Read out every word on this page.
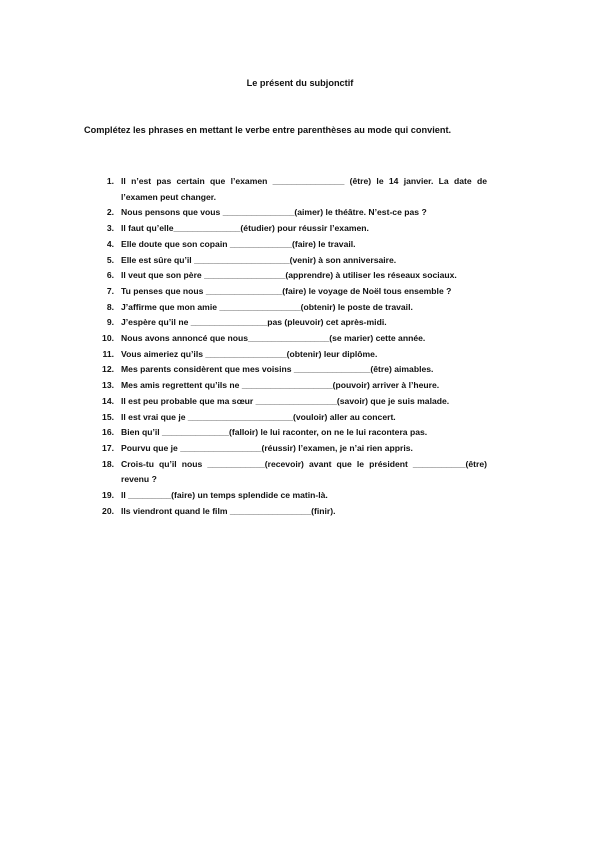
Le présent du subjonctif
Complétez les phrases en mettant le verbe entre parenthèses au mode qui convient.
1. Il n’est pas certain que l’examen _______________ (être) le 14 janvier. La date de l’examen peut changer.
2. Nous pensons que vous _______________(aimer) le théâtre. N’est-ce pas ?
3. Il faut qu’elle______________(étudier) pour réussir l’examen.
4. Elle doute que son copain _____________(faire) le travail.
5. Elle est sûre qu’il ____________________(venir) à son anniversaire.
6. Il veut que son père _________________(apprendre) à utiliser les réseaux sociaux.
7. Tu penses que nous ________________(faire) le voyage de Noël tous ensemble ?
8. J’affirme que mon amie _________________(obtenir) le poste de travail.
9. J’espère qu’il ne ________________pas (pleuvoir) cet après-midi.
10. Nous avons annoncé que nous_________________(se marier) cette année.
11. Vous aimeriez qu’ils _________________(obtenir) leur diplôme.
12. Mes parents considèrent que mes voisins ________________(être) aimables.
13. Mes amis regrettent qu’ils ne ___________________(pouvoir) arriver à l’heure.
14. Il est peu probable que ma sœur _________________(savoir) que je suis malade.
15. Il est vrai que je ______________________(vouloir) aller au concert.
16. Bien qu’il ______________(falloir) le lui raconter, on ne le lui racontera pas.
17. Pourvu que je _________________(réussir) l’examen, je n’ai rien appris.
18. Crois-tu qu’il nous ____________(recevoir) avant que le président ___________(être) revenu ?
19. Il _________(faire) un temps splendide ce matin-là.
20. Ils viendront quand le film _________________(finir).
